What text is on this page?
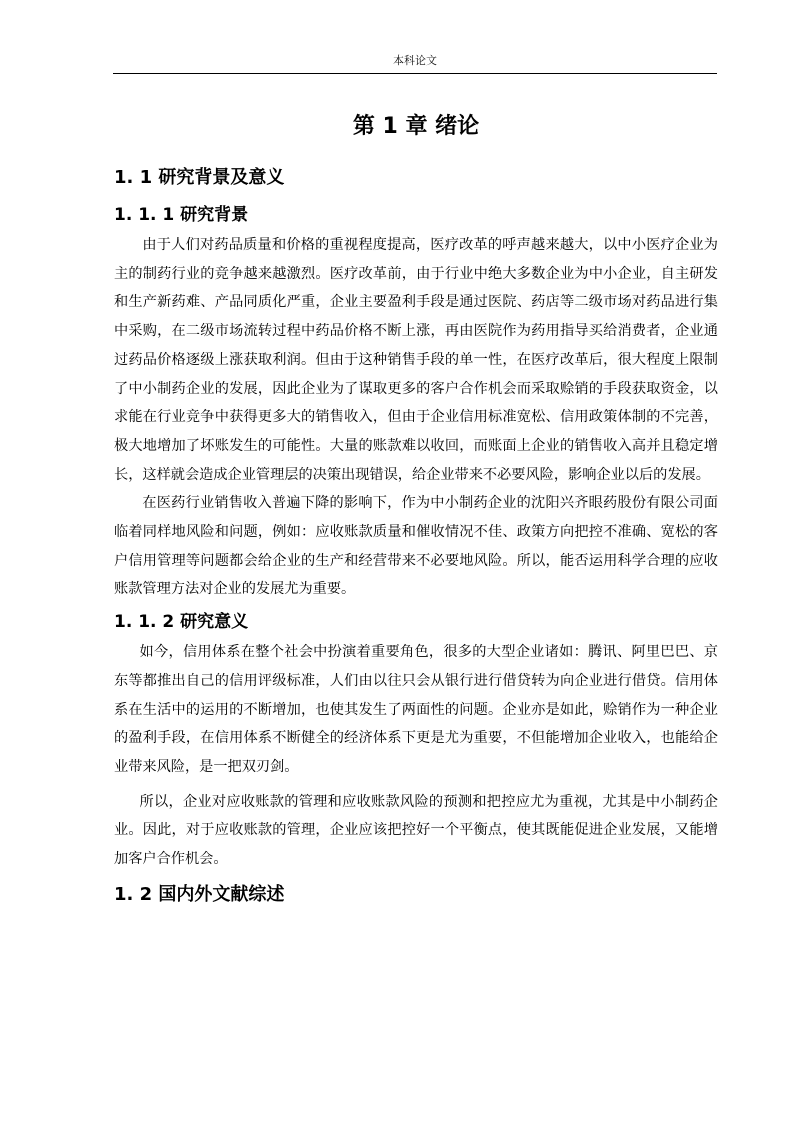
本科论文
第 1 章 绪论
1. 1 研究背景及意义
1. 1. 1 研究背景

由于人们对药品质量和价格的重视程度提高，医疗改革的呼声越来越大，以中小医疗企业为主的制药行业的竞争越来越激烈。医疗改革前，由于行业中绝大多数企业为中小企业，自主研发和生产新药难、产品同质化严重，企业主要盈利手段是通过医院、药店等二级市场对药品进行集中采购，在二级市场流转过程中药品价格不断上涨，再由医院作为药用指导买给消费者，企业通过药品价格逐级上涨获取利润。但由于这种销售手段的单一性，在医疗改革后，很大程度上限制了中小制药企业的发展，因此企业为了谋取更多的客户合作机会而采取赊销的手段获取资金，以求能在行业竞争中获得更多大的销售收入，但由于企业信用标准宽松、信用政策体制的不完善，极大地增加了坏账发生的可能性。大量的账款难以收回，而账面上企业的销售收入高并且稳定增长，这样就会造成企业管理层的决策出现错误，给企业带来不必要风险，影响企业以后的发展。

在医药行业销售收入普遍下降的影响下，作为中小制药企业的沈阳兴齐眼药股份有限公司面临着同样地风险和问题，例如：应收账款质量和催收情况不佳、政策方向把控不准确、宽松的客户信用管理等问题都会给企业的生产和经营带来不必要地风险。所以，能否运用科学合理的应收账款管理方法对企业的发展尤为重要。

1. 1. 2 研究意义

如今，信用体系在整个社会中扮演着重要角色，很多的大型企业诸如：腾讯、阿里巴巴、京东等都推出自己的信用评级标准，人们由以往只会从银行进行借贷转为向企业进行借贷。信用体系在生活中的运用的不断增加，也使其发生了两面性的问题。企业亦是如此，赊销作为一种企业的盈利手段，在信用体系不断健全的经济体系下更是尤为重要，不但能增加企业收入，也能给企业带来风险，是一把双刃剑。

所以，企业对应收账款的管理和应收账款风险的预测和把控应尤为重视，尤其是中小制药企业。因此，对于应收账款的管理，企业应该把控好一个平衡点，使其既能促进企业发展，又能增加客户合作机会。

1. 2 国内外文献综述
